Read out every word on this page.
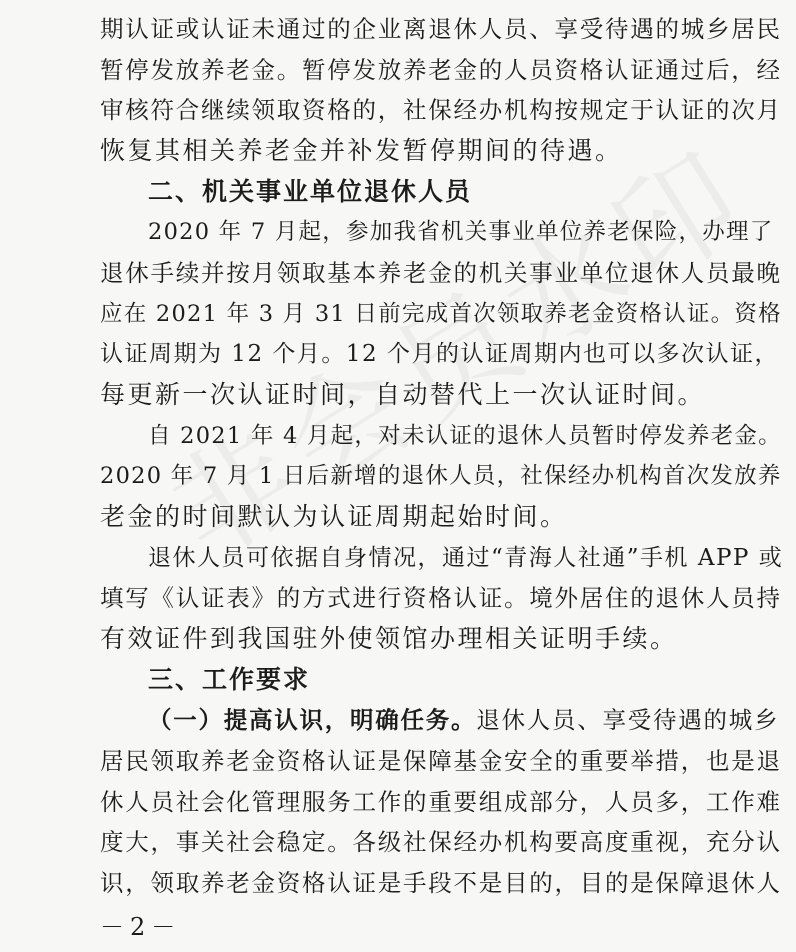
期认证或认证未通过的企业离退休人员、享受待遇的城乡居民
暂停发放养老金。暂停发放养老金的人员资格认证通过后，经
审核符合继续领取资格的，社保经办机构按规定于认证的次月
恢复其相关养老金并补发暂停期间的待遇。
二、机关事业单位退休人员
2020 年 7 月起，参加我省机关事业单位养老保险，办理了
退休手续并按月领取基本养老金的机关事业单位退休人员最晚
应在 2021 年 3 月 31 日前完成首次领取养老金资格认证。资格
认证周期为 12 个月。12 个月的认证周期内也可以多次认证，
每更新一次认证时间，自动替代上一次认证时间。
自 2021 年 4 月起，对未认证的退休人员暂时停发养老金。
2020 年 7 月 1 日后新增的退休人员，社保经办机构首次发放养
老金的时间默认为认证周期起始时间。
退休人员可依据自身情况，通过“青海人社通”手机 APP 或
填写《认证表》的方式进行资格认证。境外居住的退休人员持
有效证件到我国驻外使领馆办理相关证明手续。
三、工作要求
（一）提高认识，明确任务。退休人员、享受待遇的城乡
居民领取养老金资格认证是保障基金安全的重要举措，也是退
休人员社会化管理服务工作的重要组成部分，人员多，工作难
度大，事关社会稳定。各级社保经办机构要高度重视，充分认
识，领取养老金资格认证是手段不是目的，目的是保障退休人
－2－
